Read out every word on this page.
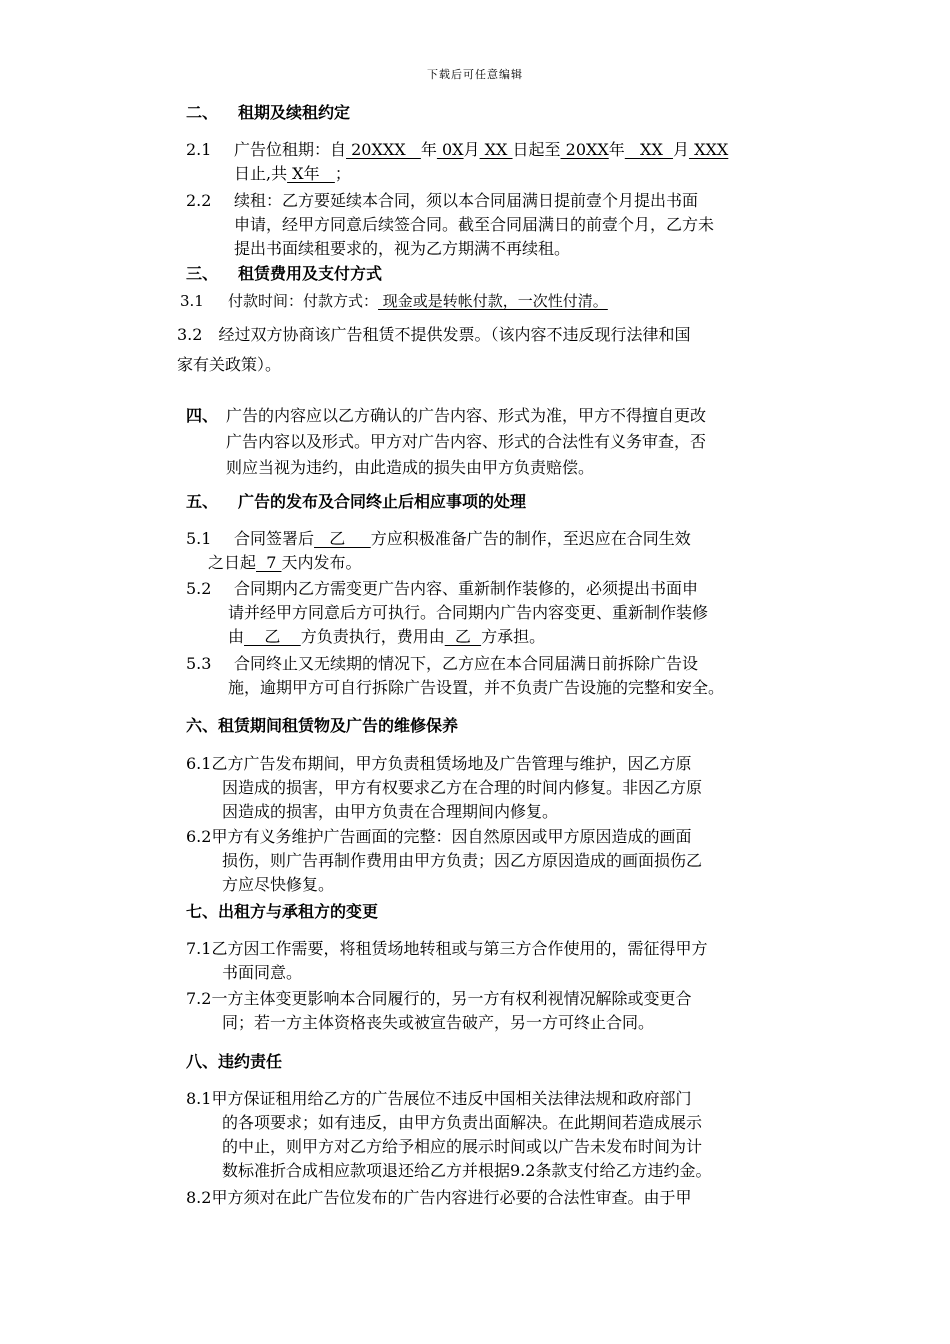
下载后可任意编辑
二、 租期及续租约定
2.1 广告位租期：自 20XXX   年 0X月 XX 日起至 20XX年   XX  月 XXX
日止,共 X年   ；
2.2 续租：乙方要延续本合同，须以本合同届满日提前壹个月提出书面
申请，经甲方同意后续签合同。截至合同届满日的前壹个月，乙方未
提出书面续租要求的，视为乙方期满不再续租。
三、 租赁费用及支付方式
3.1 付款时间：付款方式： 现金或是转帐付款，一次性付清。
3.2　经过双方协商该广告租赁不提供发票。（该内容不违反现行法律和国
家有关政策）。
四、 广告的内容应以乙方确认的广告内容、形式为准，甲方不得擅自更改
广告内容以及形式。甲方对广告内容、形式的合法性有义务审查，否
则应当视为违约，由此造成的损失由甲方负责赔偿。
五、 广告的发布及合同终止后相应事项的处理
5.1 合同签署后   乙     方应积极准备广告的制作，至迟应在合同生效
之日起  7 天内发布。
5.2 合同期内乙方需变更广告内容、重新制作装修的，必须提出书面申
请并经甲方同意后方可执行。合同期内广告内容变更、重新制作装修
由    乙    方负责执行，费用由  乙  方承担。
5.3 合同终止又无续期的情况下，乙方应在本合同届满日前拆除广告设
施，逾期甲方可自行拆除广告设置，并不负责广告设施的完整和安全。
六、租赁期间租赁物及广告的维修保养
6.1乙方广告发布期间，甲方负责租赁场地及广告管理与维护，因乙方原
因造成的损害，甲方有权要求乙方在合理的时间内修复。非因乙方原
因造成的损害，由甲方负责在合理期间内修复。
6.2甲方有义务维护广告画面的完整：因自然原因或甲方原因造成的画面
损伤，则广告再制作费用由甲方负责；因乙方原因造成的画面损伤乙
方应尽快修复。
七、出租方与承租方的变更
7.1乙方因工作需要，将租赁场地转租或与第三方合作使用的，需征得甲方
书面同意。
7.2一方主体变更影响本合同履行的，另一方有权利视情况解除或变更合
同；若一方主体资格丧失或被宣告破产，另一方可终止合同。
八、违约责任
8.1甲方保证租用给乙方的广告展位不违反中国相关法律法规和政府部门
的各项要求；如有违反，由甲方负责出面解决。在此期间若造成展示
的中止，则甲方对乙方给予相应的展示时间或以广告未发布时间为计
数标准折合成相应款项退还给乙方并根据9.2条款支付给乙方违约金。
8.2甲方须对在此广告位发布的广告内容进行必要的合法性审查。由于甲
